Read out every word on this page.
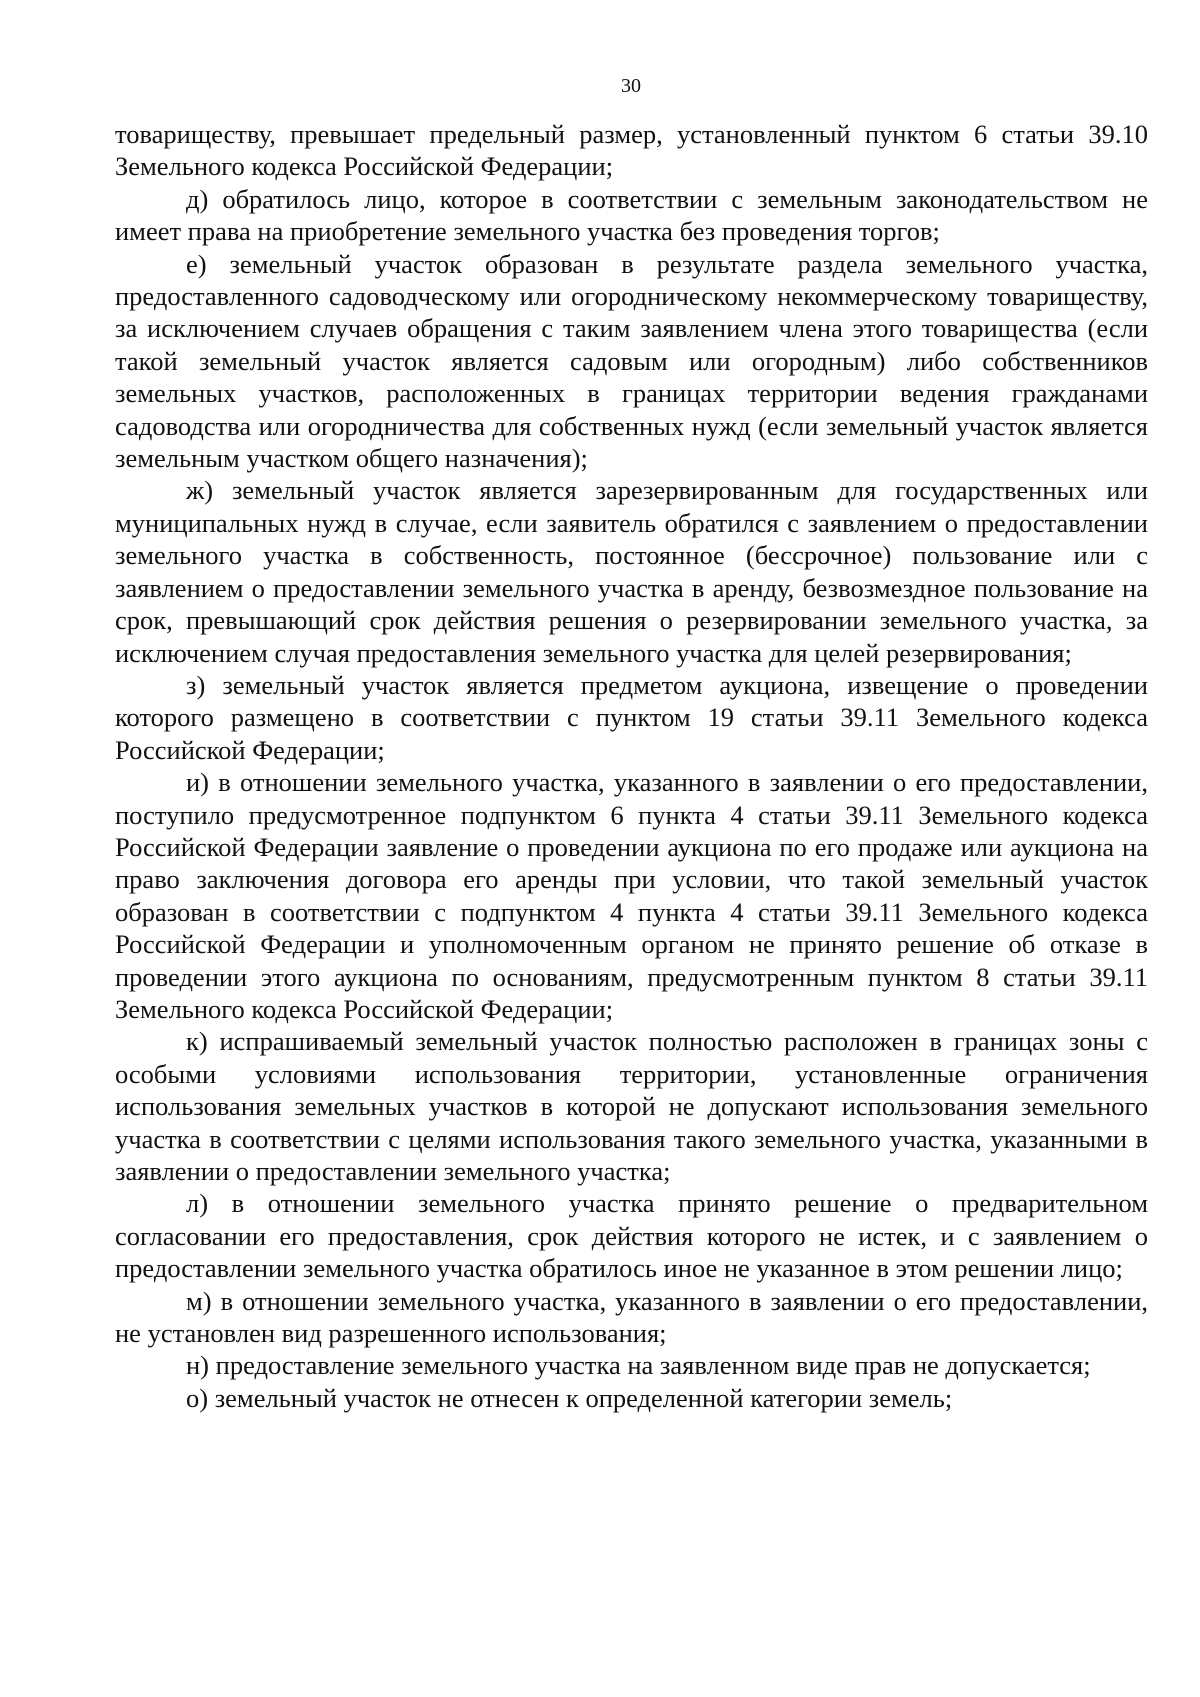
30

товариществу, превышает предельный размер, установленный пунктом 6 статьи 39.10 Земельного кодекса Российской Федерации;

д) обратилось лицо, которое в соответствии с земельным законодательством не имеет права на приобретение земельного участка без проведения торгов;

е) земельный участок образован в результате раздела земельного участка, предоставленного садоводческому или огородническому некоммерческому товариществу, за исключением случаев обращения с таким заявлением члена этого товарищества (если такой земельный участок является садовым или огородным) либо собственников земельных участков, расположенных в границах территории ведения гражданами садоводства или огородничества для собственных нужд (если земельный участок является земельным участком общего назначения);

ж) земельный участок является зарезервированным для государственных или муниципальных нужд в случае, если заявитель обратился с заявлением о предоставлении земельного участка в собственность, постоянное (бессрочное) пользование или с заявлением о предоставлении земельного участка в аренду, безвозмездное пользование на срок, превышающий срок действия решения о резервировании земельного участка, за исключением случая предоставления земельного участка для целей резервирования;

з) земельный участок является предметом аукциона, извещение о проведении которого размещено в соответствии с пунктом 19 статьи 39.11 Земельного кодекса Российской Федерации;

и) в отношении земельного участка, указанного в заявлении о его предоставлении, поступило предусмотренное подпунктом 6 пункта 4 статьи 39.11 Земельного кодекса Российской Федерации заявление о проведении аукциона по его продаже или аукциона на право заключения договора его аренды при условии, что такой земельный участок образован в соответствии с подпунктом 4 пункта 4 статьи 39.11 Земельного кодекса Российской Федерации и уполномоченным органом не принято решение об отказе в проведении этого аукциона по основаниям, предусмотренным пунктом 8 статьи 39.11 Земельного кодекса Российской Федерации;

к) испрашиваемый земельный участок полностью расположен в границах зоны с особыми условиями использования территории, установленные ограничения использования земельных участков в которой не допускают использования земельного участка в соответствии с целями использования такого земельного участка, указанными в заявлении о предоставлении земельного участка;

л) в отношении земельного участка принято решение о предварительном согласовании его предоставления, срок действия которого не истек, и с заявлением о предоставлении земельного участка обратилось иное не указанное в этом решении лицо;

м) в отношении земельного участка, указанного в заявлении о его предоставлении, не установлен вид разрешенного использования;

н) предоставление земельного участка на заявленном виде прав не допускается;

о) земельный участок не отнесен к определенной категории земель;
